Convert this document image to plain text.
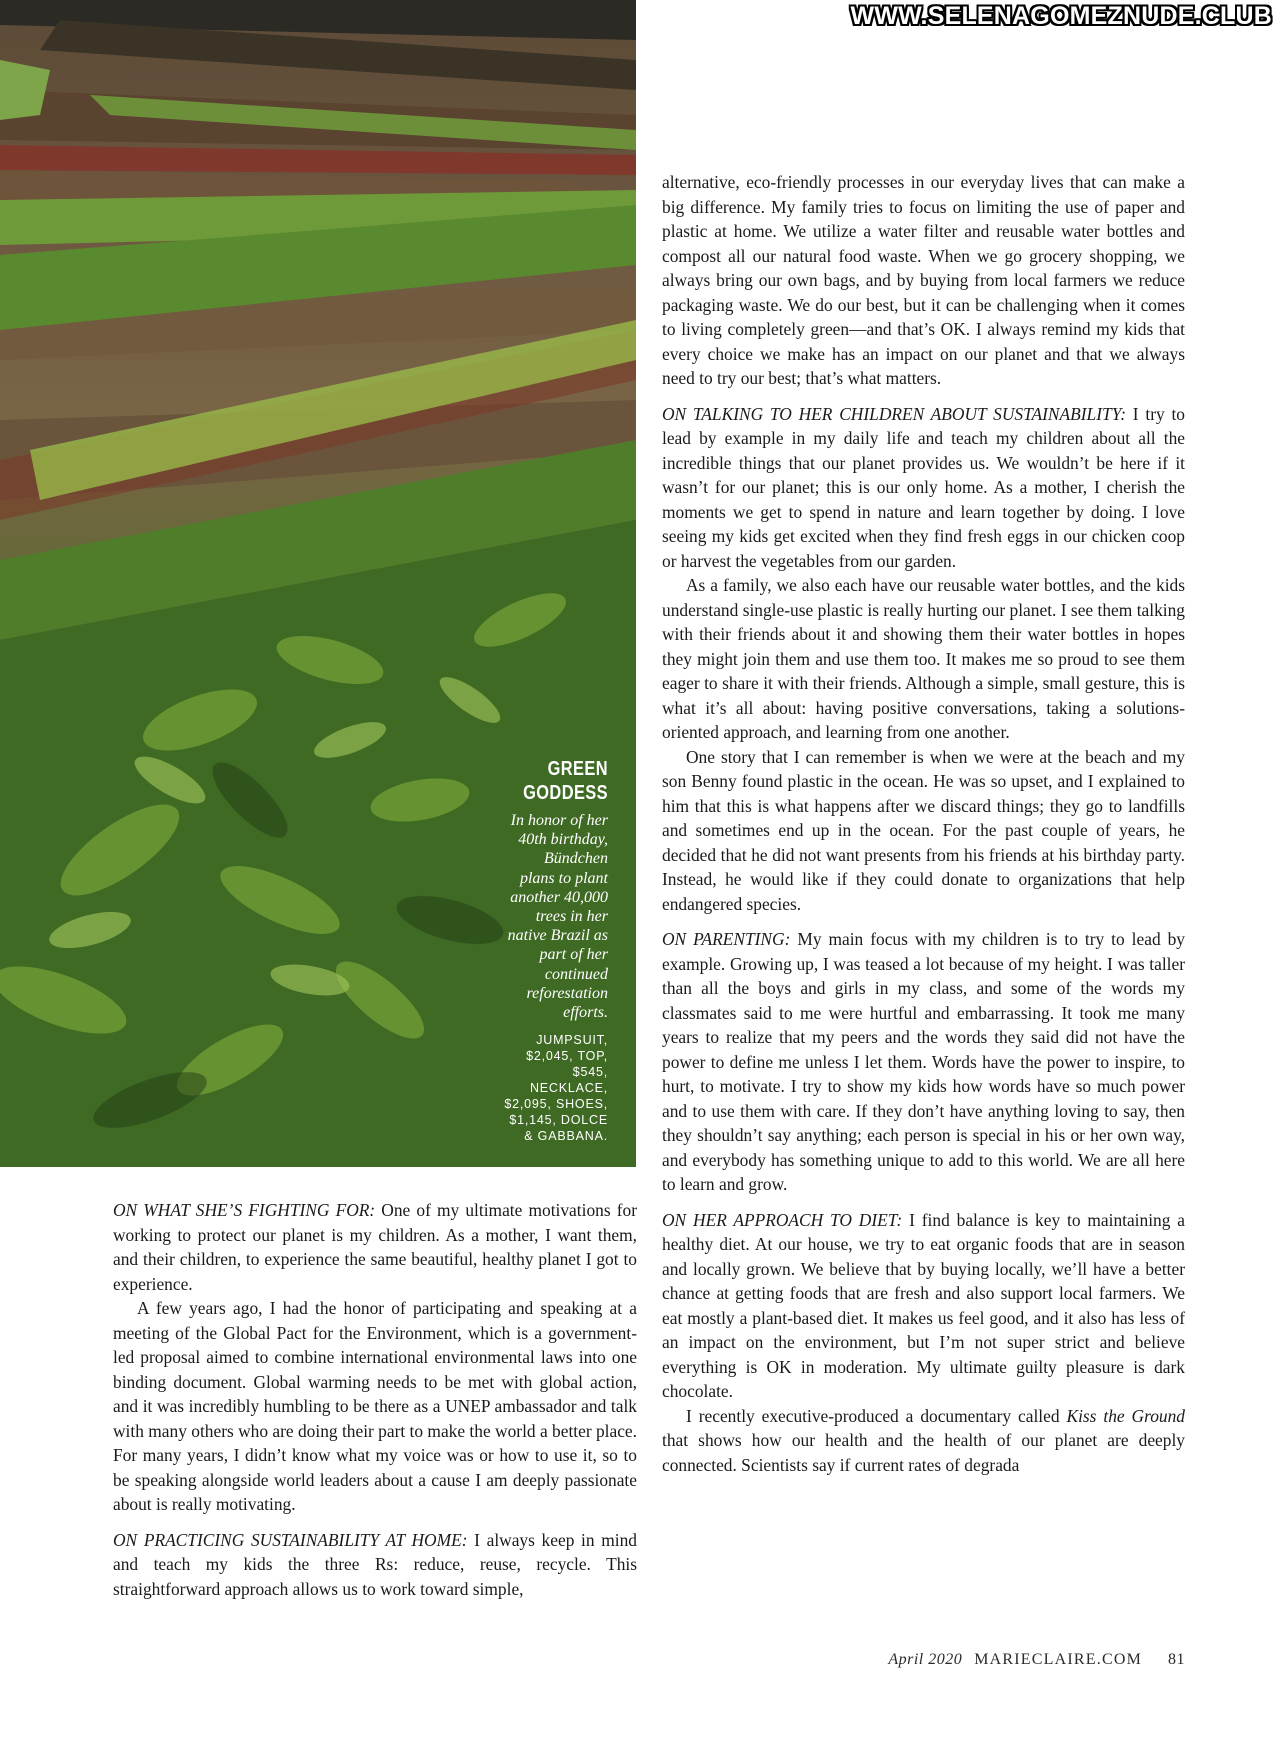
GREEN
GODDESS
In honor of her
40th birthday,
Bündchen
plans to plant
another 40,000
trees in her
native Brazil as
part of her
continued
reforestation
efforts.
JUMPSUIT,
$2,045, TOP,
$545,
NECKLACE,
$2,095, SHOES,
$1,145, DOLCE
& GABBANA.
WWW.SELENAGOMEZNUDE.CLUB

ON WHAT SHE’S FIGHTING FOR: One of my ultimate motivations for working to protect our planet is my children. As a mother, I want them, and their children, to experience the same beautiful, healthy planet I got to experience.

A few years ago, I had the honor of participating and speaking at a meeting of the Global Pact for the Environment, which is a government-led proposal aimed to combine international environmental laws into one binding document. Global warming needs to be met with global action, and it was incredibly humbling to be there as a UNEP ambassador and talk with many others who are doing their part to make the world a better place. For many years, I didn’t know what my voice was or how to use it, so to be speaking alongside world leaders about a cause I am deeply passionate about is really motivating.

ON PRACTICING SUSTAINABILITY AT HOME: I always keep in mind and teach my kids the three Rs: reduce, reuse, recycle. This straightforward approach allows us to work toward simple,

alternative, eco-friendly processes in our everyday lives that can make a big difference. My family tries to focus on limiting the use of paper and plastic at home. We utilize a water filter and reusable water bottles and compost all our natural food waste. When we go grocery shopping, we always bring our own bags, and by buying from local farmers we reduce packaging waste. We do our best, but it can be challenging when it comes to living completely green—and that’s OK. I always remind my kids that every choice we make has an impact on our planet and that we always need to try our best; that’s what matters.

ON TALKING TO HER CHILDREN ABOUT SUSTAINABILITY: I try to lead by example in my daily life and teach my children about all the incredible things that our planet provides us. We wouldn’t be here if it wasn’t for our planet; this is our only home. As a mother, I cherish the moments we get to spend in nature and learn together by doing. I love seeing my kids get excited when they find fresh eggs in our chicken coop or harvest the vegetables from our garden.

As a family, we also each have our reusable water bottles, and the kids understand single-use plastic is really hurting our planet. I see them talking with their friends about it and showing them their water bottles in hopes they might join them and use them too. It makes me so proud to see them eager to share it with their friends. Although a simple, small gesture, this is what it’s all about: having positive conversations, taking a solutions-oriented approach, and learning from one another.

One story that I can remember is when we were at the beach and my son Benny found plastic in the ocean. He was so upset, and I explained to him that this is what happens after we discard things; they go to landfills and sometimes end up in the ocean. For the past couple of years, he decided that he did not want presents from his friends at his birthday party. Instead, he would like if they could donate to organizations that help endangered species.

ON PARENTING: My main focus with my children is to try to lead by example. Growing up, I was teased a lot because of my height. I was taller than all the boys and girls in my class, and some of the words my classmates said to me were hurtful and embarrassing. It took me many years to realize that my peers and the words they said did not have the power to define me unless I let them. Words have the power to inspire, to hurt, to motivate. I try to show my kids how words have so much power and to use them with care. If they don’t have anything loving to say, then they shouldn’t say anything; each person is special in his or her own way, and everybody has something unique to add to this world. We are all here to learn and grow.

ON HER APPROACH TO DIET: I find balance is key to maintaining a healthy diet. At our house, we try to eat organic foods that are in season and locally grown. We believe that by buying locally, we’ll have a better chance at getting foods that are fresh and also support local farmers. We eat mostly a plant-based diet. It makes us feel good, and it also has less of an impact on the environment, but I’m not super strict and believe everything is OK in moderation. My ultimate guilty pleasure is dark chocolate.

I recently executive-produced a documentary called Kiss the Ground that shows how our health and the health of our planet are deeply connected. Scientists say if current rates of degrada

April 2020 MARIECLAIRE.COM 81
